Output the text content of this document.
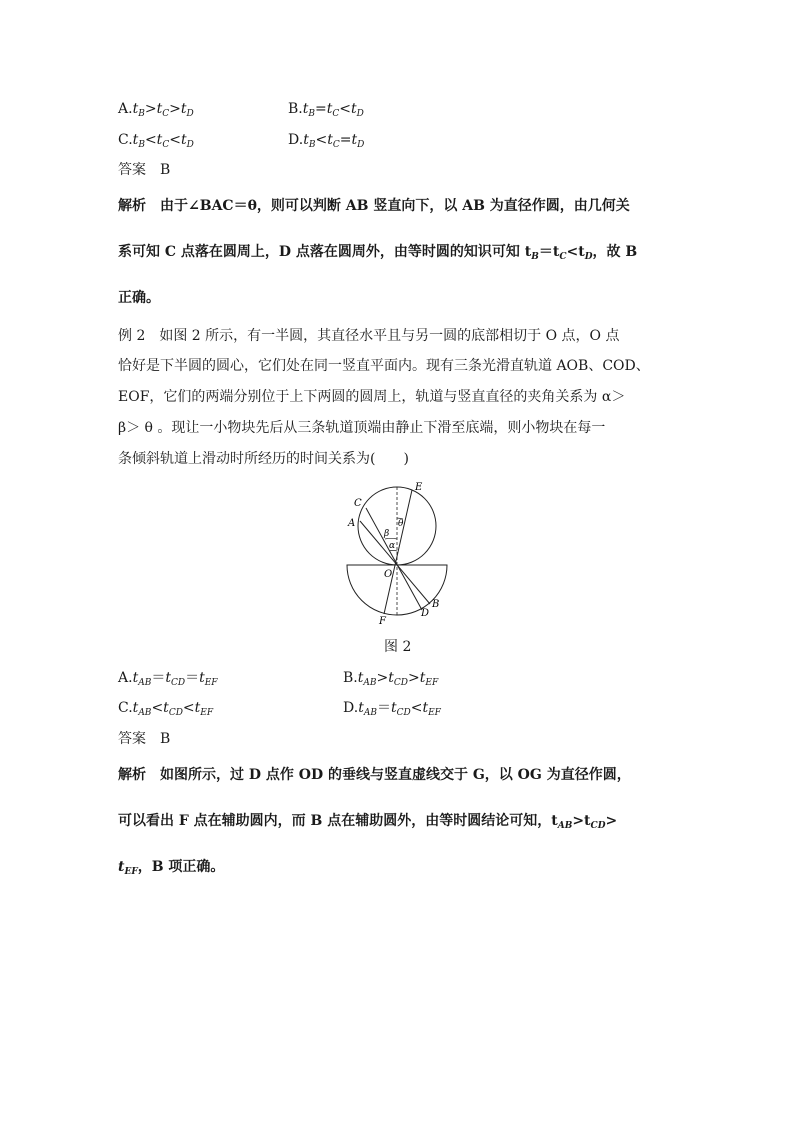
$A.t_B>t_C>t_D$	$B.t_B=t_C<t_D$
$C.t_B<t_C<t_D$	$D.t_B<t_C=t_D$
答案　B
解析　由于∠BAC＝θ，则可以判断 AB 竖直向下，以 AB 为直径作圆，由几何关
系可知 C 点落在圆周上，D 点落在圆周外，由等时圆的知识可知 $t_B=t_C<t_D$，故 B
正确。
例 2　如图 2 所示，有一半圆，其直径水平且与另一圆的底部相切于 O 点，O 点
恰好是下半圆的圆心，它们处在同一竖直平面内。现有三条光滑直轨道 AOB、COD、
EOF，它们的两端分别位于上下两圆的圆周上，轨道与竖直直径的夹角关系为 α＞
β＞ θ 。现让一小物块先后从三条轨道顶端由静止下滑至底端，则小物块在每一
条倾斜轨道上滑动时所经历的时间关系为(　　)
C
A
E
θ
β
α
O
B
D
F
图 2
$A.t_{AB}=t_{CD}=t_{EF}$	$B.t_{AB}>t_{CD}>t_{EF}$
$C.t_{AB}<t_{CD}<t_{EF}$	$D.t_{AB}=t_{CD}<t_{EF}$
答案　B
解析　如图所示，过 D 点作 OD 的垂线与竖直虚线交于 G，以 OG 为直径作圆，
可以看出 F 点在辅助圆内，而 B 点在辅助圆外，由等时圆结论可知，$t_{AB}>t_{CD}>$
$t_{EF}$，B 项正确。
